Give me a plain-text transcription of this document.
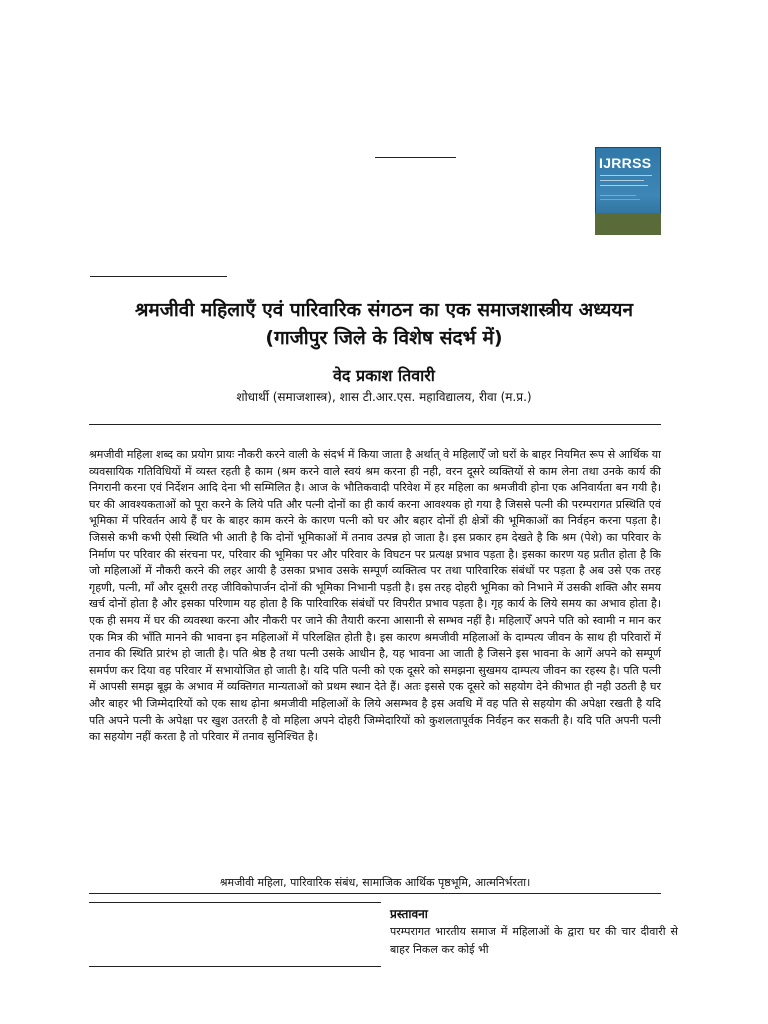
IJRRSS
श्रमजीवी महिलाएँ एवं पारिवारिक संगठन का एक समाजशास्त्रीय अध्ययन
(गाजीपुर जिले के विशेष संदर्भ में)

वेद प्रकाश तिवारी

शोधार्थी (समाजशास्त्र), शास टी.आर.एस. महाविद्यालय, रीवा (म.प्र.)

श्रमजीवी महिला शब्द का प्रयोग प्रायः नौकरी करने वाली के संदर्भ में किया जाता है अर्थात् वे महिलाऐँ जो घरों के बाहर नियमित रूप से आर्थिक या व्यवसायिक गतिविधियों में व्यस्त रहती है काम (श्रम करने वाले स्वयं श्रम करना ही नही, वरन दूसरे व्यक्तियों से काम लेना तथा उनके कार्य की निगरानी करना एवं निर्देशन आदि देना भी सम्मिलित है। आज के भौतिकवादी परिवेश में हर महिला का श्रमजीवी होना एक अनिवार्यता बन गयी है। घर की आवश्यकताओं को पूरा करने के लिये पति और पत्नी दोनों का ही कार्य करना आवश्यक हो गया है जिससे पत्नी की परम्परागत प्रस्थिति एवं भूमिका में परिवर्तन आये हैं घर के बाहर काम करने के कारण पत्नी को घर और बहार दोनों ही क्षेत्रों की भूमिकाओं का निर्वहन करना पड़ता है। जिससे कभी कभी ऐसी स्थिति भी आती है कि दोनों भूमिकाओं में तनाव उत्पन्न हो जाता है। इस प्रकार हम देखते है कि श्रम (पेशे) का परिवार के निर्माण पर परिवार की संरचना पर, परिवार की भूमिका पर और परिवार के विघटन पर प्रत्यक्ष प्रभाव पड़ता है। इसका कारण यह प्रतीत होता है कि जो महिलाओं में नौकरी करने की लहर आयी है उसका प्रभाव उसके सम्पूर्ण व्यक्तित्व पर तथा पारिवारिक संबंधों पर पड़ता है अब उसे एक तरह गृहणी, पत्नी, माँ और दूसरी तरह जीविकोपार्जन दोनों की भूमिका निभानी पड़ती है। इस तरह दोहरी भूमिका को निभाने में उसकी शक्ति और समय खर्च दोनों होता है और इसका परिणाम यह होता है कि पारिवारिक संबंधों पर विपरीत प्रभाव पड़ता है। गृह कार्य के लिये समय का अभाव होता है। एक ही समय में घर की व्यवस्था करना और नौकरी पर जाने की तैयारी करना आसानी से सम्भव नहीं है। महिलाऐँ अपने पति को स्वामी न मान कर एक मित्र की भाँति मानने की भावना इन महिलाओं में परिलक्षित होती है। इस कारण श्रमजीवी महिलाओं के दाम्पत्य जीवन के साथ ही परिवारों में तनाव की स्थिति प्रारंभ हो जाती है। पति श्रेष्ठ है तथा पत्नी उसके आधीन है, यह भावना आ जाती है जिसने इस भावना के आगें अपने को सम्पूर्ण समर्पण कर दिया वह परिवार में सभायोजित हो जाती है। यदि पति पत्नी को एक दूसरे को समझना सुखमय दाम्पत्य जीवन का रहस्य है। पति पत्नी में आपसी समझ बूझ के अभाव में व्यक्तिगत मान्यताओं को प्रथम स्थान देते हैं। अतः इससे एक दूसरे को सहयोग देने कीभात ही नही उठती है घर और बाहर भी जिम्मेदारियों को एक साथ ढ़ोना श्रमजीवी महिलाओं के लिये असम्भव है इस अवधि में वह पति से सहयोग की अपेक्षा रखती है यदि पति अपने पत्नी के अपेक्षा पर खुश उतरती है वो महिला अपने दोहरी जिम्मेदारियों को कुशलतापूर्वक निर्वहन कर सकती है। यदि पति अपनी पत्नी का सहयोग नहीं करता है तो परिवार में तनाव सुनिश्चित है।

श्रमजीवी महिला, पारिवारिक संबंध, सामाजिक आर्थिक पृष्ठभूमि, आत्मनिर्भरता।

प्रस्तावना

परम्परागत भारतीय समाज में महिलाओं के द्वारा घर की चार दीवारी से बाहर निकल कर कोई भी
